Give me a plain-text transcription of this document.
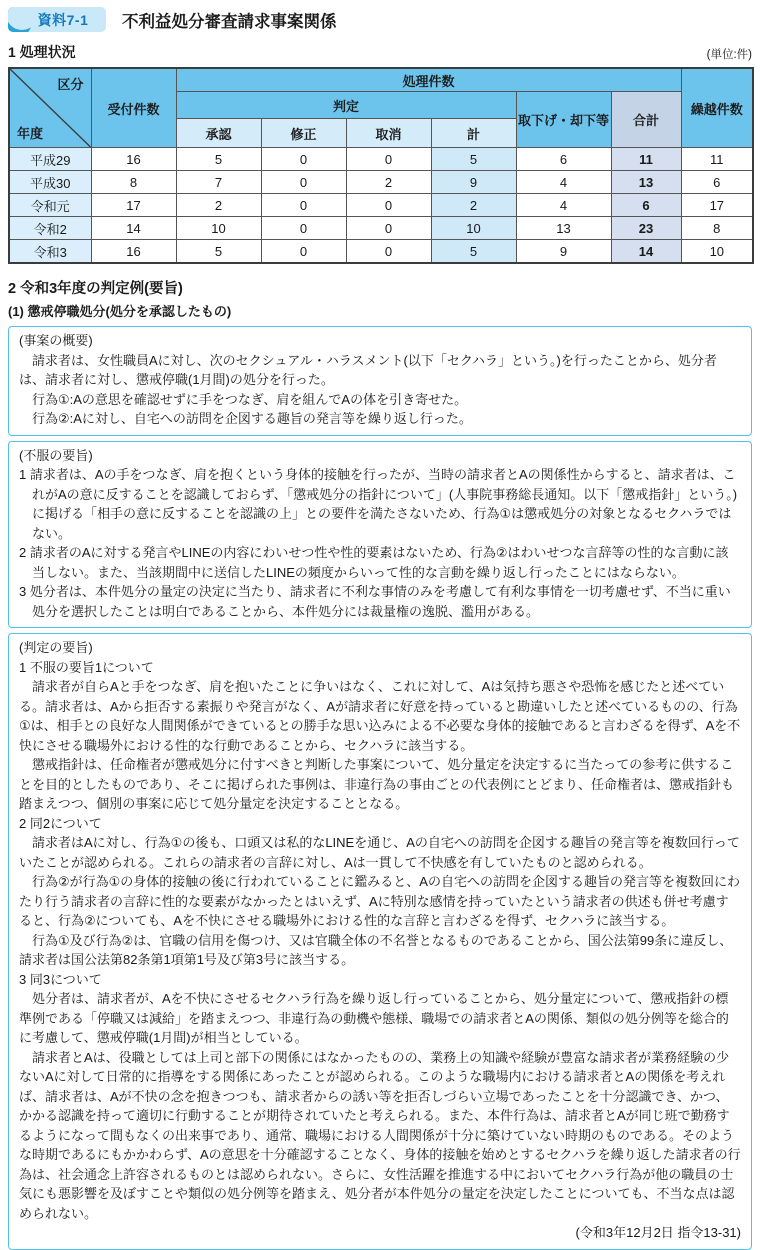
資料7-1 不利益処分審査請求事案関係
1 処理状況	(単位:件)
区分
年度	受付件数	処理件数						繰越件数
		判定				取下げ・却下等	合計	
		承認	修正	取消	計			
平成29	16	5	0	0	5	6	11	11
平成30	8	7	0	2	9	4	13	6
令和元	17	2	0	0	2	4	6	17
令和2	14	10	0	0	10	13	23	8
令和3	16	5	0	0	5	9	14	10
2 令和3年度の判定例(要旨)
(1) 懲戒停職処分(処分を承認したもの)

(事案の概要)

請求者は、女性職員Aに対し、次のセクシュアル・ハラスメント(以下「セクハラ」という。)を行ったことから、処分者は、請求者に対し、懲戒停職(1月間)の処分を行った。

行為①:Aの意思を確認せずに手をつなぎ、肩を組んでAの体を引き寄せた。

行為②:Aに対し、自宅への訪問を企図する趣旨の発言等を繰り返し行った。

(不服の要旨)

1 請求者は、Aの手をつなぎ、肩を抱くという身体的接触を行ったが、当時の請求者とAの関係性からすると、請求者は、これがAの意に反することを認識しておらず、「懲戒処分の指針について」(人事院事務総長通知。以下「懲戒指針」という。)に掲げる「相手の意に反することを認識の上」との要件を満たさないため、行為①は懲戒処分の対象となるセクハラではない。

2 請求者のAに対する発言やLINEの内容にわいせつ性や性的要素はないため、行為②はわいせつな言辞等の性的な言動に該当しない。また、当該期間中に送信したLINEの頻度からいって性的な言動を繰り返し行ったことにはならない。

3 処分者は、本件処分の量定の決定に当たり、請求者に不利な事情のみを考慮して有利な事情を一切考慮せず、不当に重い処分を選択したことは明白であることから、本件処分には裁量権の逸脱、濫用がある。

(判定の要旨)

1 不服の要旨1について

請求者が自らAと手をつなぎ、肩を抱いたことに争いはなく、これに対して、Aは気持ち悪さや恐怖を感じたと述べている。請求者は、Aから拒否する素振りや発言がなく、Aが請求者に好意を持っていると勘違いしたと述べているものの、行為①は、相手との良好な人間関係ができているとの勝手な思い込みによる不必要な身体的接触であると言わざるを得ず、Aを不快にさせる職場外における性的な行動であることから、セクハラに該当する。

懲戒指針は、任命権者が懲戒処分に付すべきと判断した事案について、処分量定を決定するに当たっての参考に供することを目的としたものであり、そこに掲げられた事例は、非違行為の事由ごとの代表例にとどまり、任命権者は、懲戒指針も踏まえつつ、個別の事案に応じて処分量定を決定することとなる。

2 同2について

請求者はAに対し、行為①の後も、口頭又は私的なLINEを通じ、Aの自宅への訪問を企図する趣旨の発言等を複数回行っていたことが認められる。これらの請求者の言辞に対し、Aは一貫して不快感を有していたものと認められる。

行為②が行為①の身体的接触の後に行われていることに鑑みると、Aの自宅への訪問を企図する趣旨の発言等を複数回にわたり行う請求者の言辞に性的な要素がなかったとはいえず、Aに特別な感情を持っていたという請求者の供述も併せ考慮すると、行為②についても、Aを不快にさせる職場外における性的な言辞と言わざるを得ず、セクハラに該当する。

行為①及び行為②は、官職の信用を傷つけ、又は官職全体の不名誉となるものであることから、国公法第99条に違反し、請求者は国公法第82条第1項第1号及び第3号に該当する。

3 同3について

処分者は、請求者が、Aを不快にさせるセクハラ行為を繰り返し行っていることから、処分量定について、懲戒指針の標準例である「停職又は減給」を踏まえつつ、非違行為の動機や態様、職場での請求者とAの関係、類似の処分例等を総合的に考慮して、懲戒停職(1月間)が相当としている。

請求者とAは、役職としては上司と部下の関係にはなかったものの、業務上の知識や経験が豊富な請求者が業務経験の少ないAに対して日常的に指導をする関係にあったことが認められる。このような職場内における請求者とAの関係を考えれば、請求者は、Aが不快の念を抱きつつも、請求者からの誘い等を拒否しづらい立場であったことを十分認識でき、かつ、かかる認識を持って適切に行動することが期待されていたと考えられる。また、本件行為は、請求者とAが同じ班で勤務するようになって間もなくの出来事であり、通常、職場における人間関係が十分に築けていない時期のものである。そのような時期であるにもかかわらず、Aの意思を十分確認することなく、身体的接触を始めとするセクハラを繰り返した請求者の行為は、社会通念上許容されるものとは認められない。さらに、女性活躍を推進する中においてセクハラ行為が他の職員の士気にも悪影響を及ぼすことや類似の処分例等を踏まえ、処分者が本件処分の量定を決定したことについても、不当な点は認められない。

(令和3年12月2日 指令13-31)
